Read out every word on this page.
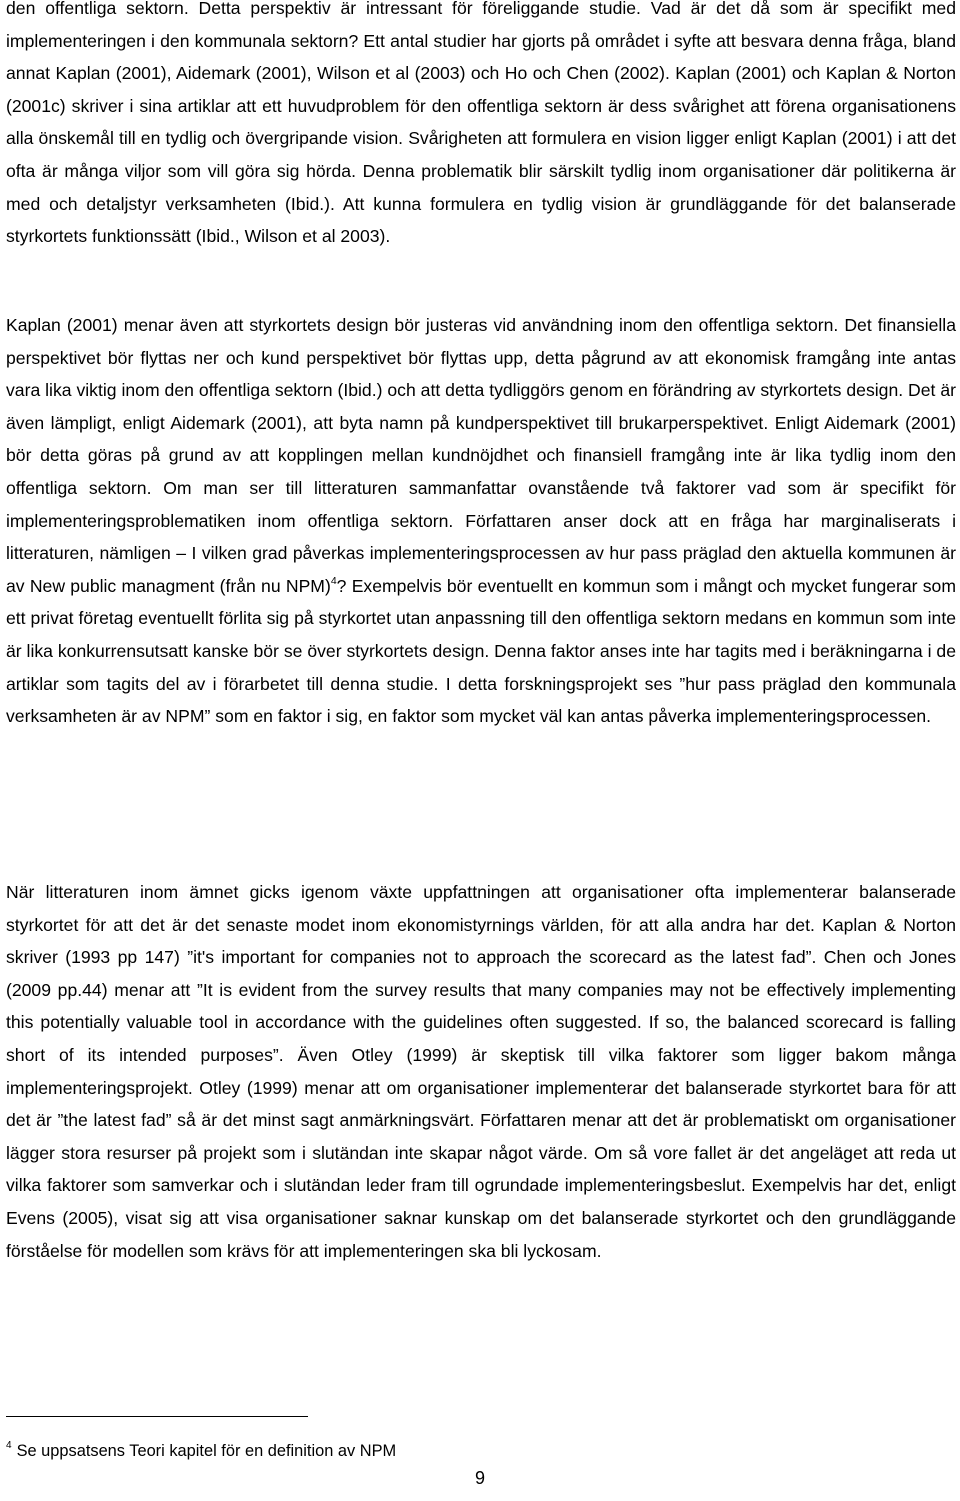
den offentliga sektorn. Detta perspektiv är intressant för föreliggande studie. Vad är det då som är specifikt med implementeringen i den kommunala sektorn? Ett antal studier har gjorts på området i syfte att besvara denna fråga, bland annat Kaplan (2001), Aidemark (2001), Wilson et al (2003) och Ho och Chen (2002). Kaplan (2001) och Kaplan & Norton (2001c) skriver i sina artiklar att ett huvudproblem för den offentliga sektorn är dess svårighet att förena organisationens alla önskemål till en tydlig och övergripande vision. Svårigheten att formulera en vision ligger enligt Kaplan (2001) i att det ofta är många viljor som vill göra sig hörda. Denna problematik blir särskilt tydlig inom organisationer där politikerna är med och detaljstyr verksamheten (Ibid.). Att kunna formulera en tydlig vision är grundläggande för det balanserade styrkortets funktionssätt (Ibid., Wilson et al 2003).

Kaplan (2001) menar även att styrkortets design bör justeras vid användning inom den offentliga sektorn. Det finansiella perspektivet bör flyttas ner och kund perspektivet bör flyttas upp, detta pågrund av att ekonomisk framgång inte antas vara lika viktig inom den offentliga sektorn (Ibid.) och att detta tydliggörs genom en förändring av styrkortets design. Det är även lämpligt, enligt Aidemark (2001), att byta namn på kundperspektivet till brukarperspektivet. Enligt Aidemark (2001) bör detta göras på grund av att kopplingen mellan kundnöjdhet och finansiell framgång inte är lika tydlig inom den offentliga sektorn. Om man ser till litteraturen sammanfattar ovanstående två faktorer vad som är specifikt för implementeringsproblematiken inom offentliga sektorn. Författaren anser dock att en fråga har marginaliserats i litteraturen, nämligen – I vilken grad påverkas implementeringsprocessen av hur pass präglad den aktuella kommunen är av New public managment (från nu NPM)$^4$? Exempelvis bör eventuellt en kommun som i mångt och mycket fungerar som ett privat företag eventuellt förlita sig på styrkortet utan anpassning till den offentliga sektorn medans en kommun som inte är lika konkurrensutsatt kanske bör se över styrkortets design. Denna faktor anses inte har tagits med i beräkningarna i de artiklar som tagits del av i förarbetet till denna studie. I detta forskningsprojekt ses ”hur pass präglad den kommunala verksamheten är av NPM” som en faktor i sig, en faktor som mycket väl kan antas påverka implementeringsprocessen.

När litteraturen inom ämnet gicks igenom växte uppfattningen att organisationer ofta implementerar balanserade styrkortet för att det är det senaste modet inom ekonomistyrnings världen, för att alla andra har det. Kaplan & Norton skriver (1993 pp 147) ”it's important for companies not to approach the scorecard as the latest fad”. Chen och Jones (2009 pp.44) menar att ”It is evident from the survey results that many companies may not be effectively implementing this potentially valuable tool in accordance with the guidelines often suggested. If so, the balanced scorecard is falling short of its intended purposes”. Även Otley (1999) är skeptisk till vilka faktorer som ligger bakom många implementeringsprojekt. Otley (1999) menar att om organisationer implementerar det balanserade styrkortet bara för att det är ”the latest fad” så är det minst sagt anmärkningsvärt. Författaren menar att det är problematiskt om organisationer lägger stora resurser på projekt som i slutändan inte skapar något värde. Om så vore fallet är det angeläget att reda ut vilka faktorer som samverkar och i slutändan leder fram till ogrundade implementeringsbeslut. Exempelvis har det, enligt Evens (2005), visat sig att visa organisationer saknar kunskap om det balanserade styrkortet och den grundläggande förståelse för modellen som krävs för att implementeringen ska bli lyckosam.

$^4$ Se uppsatsens Teori kapitel för en definition av NPM
9
